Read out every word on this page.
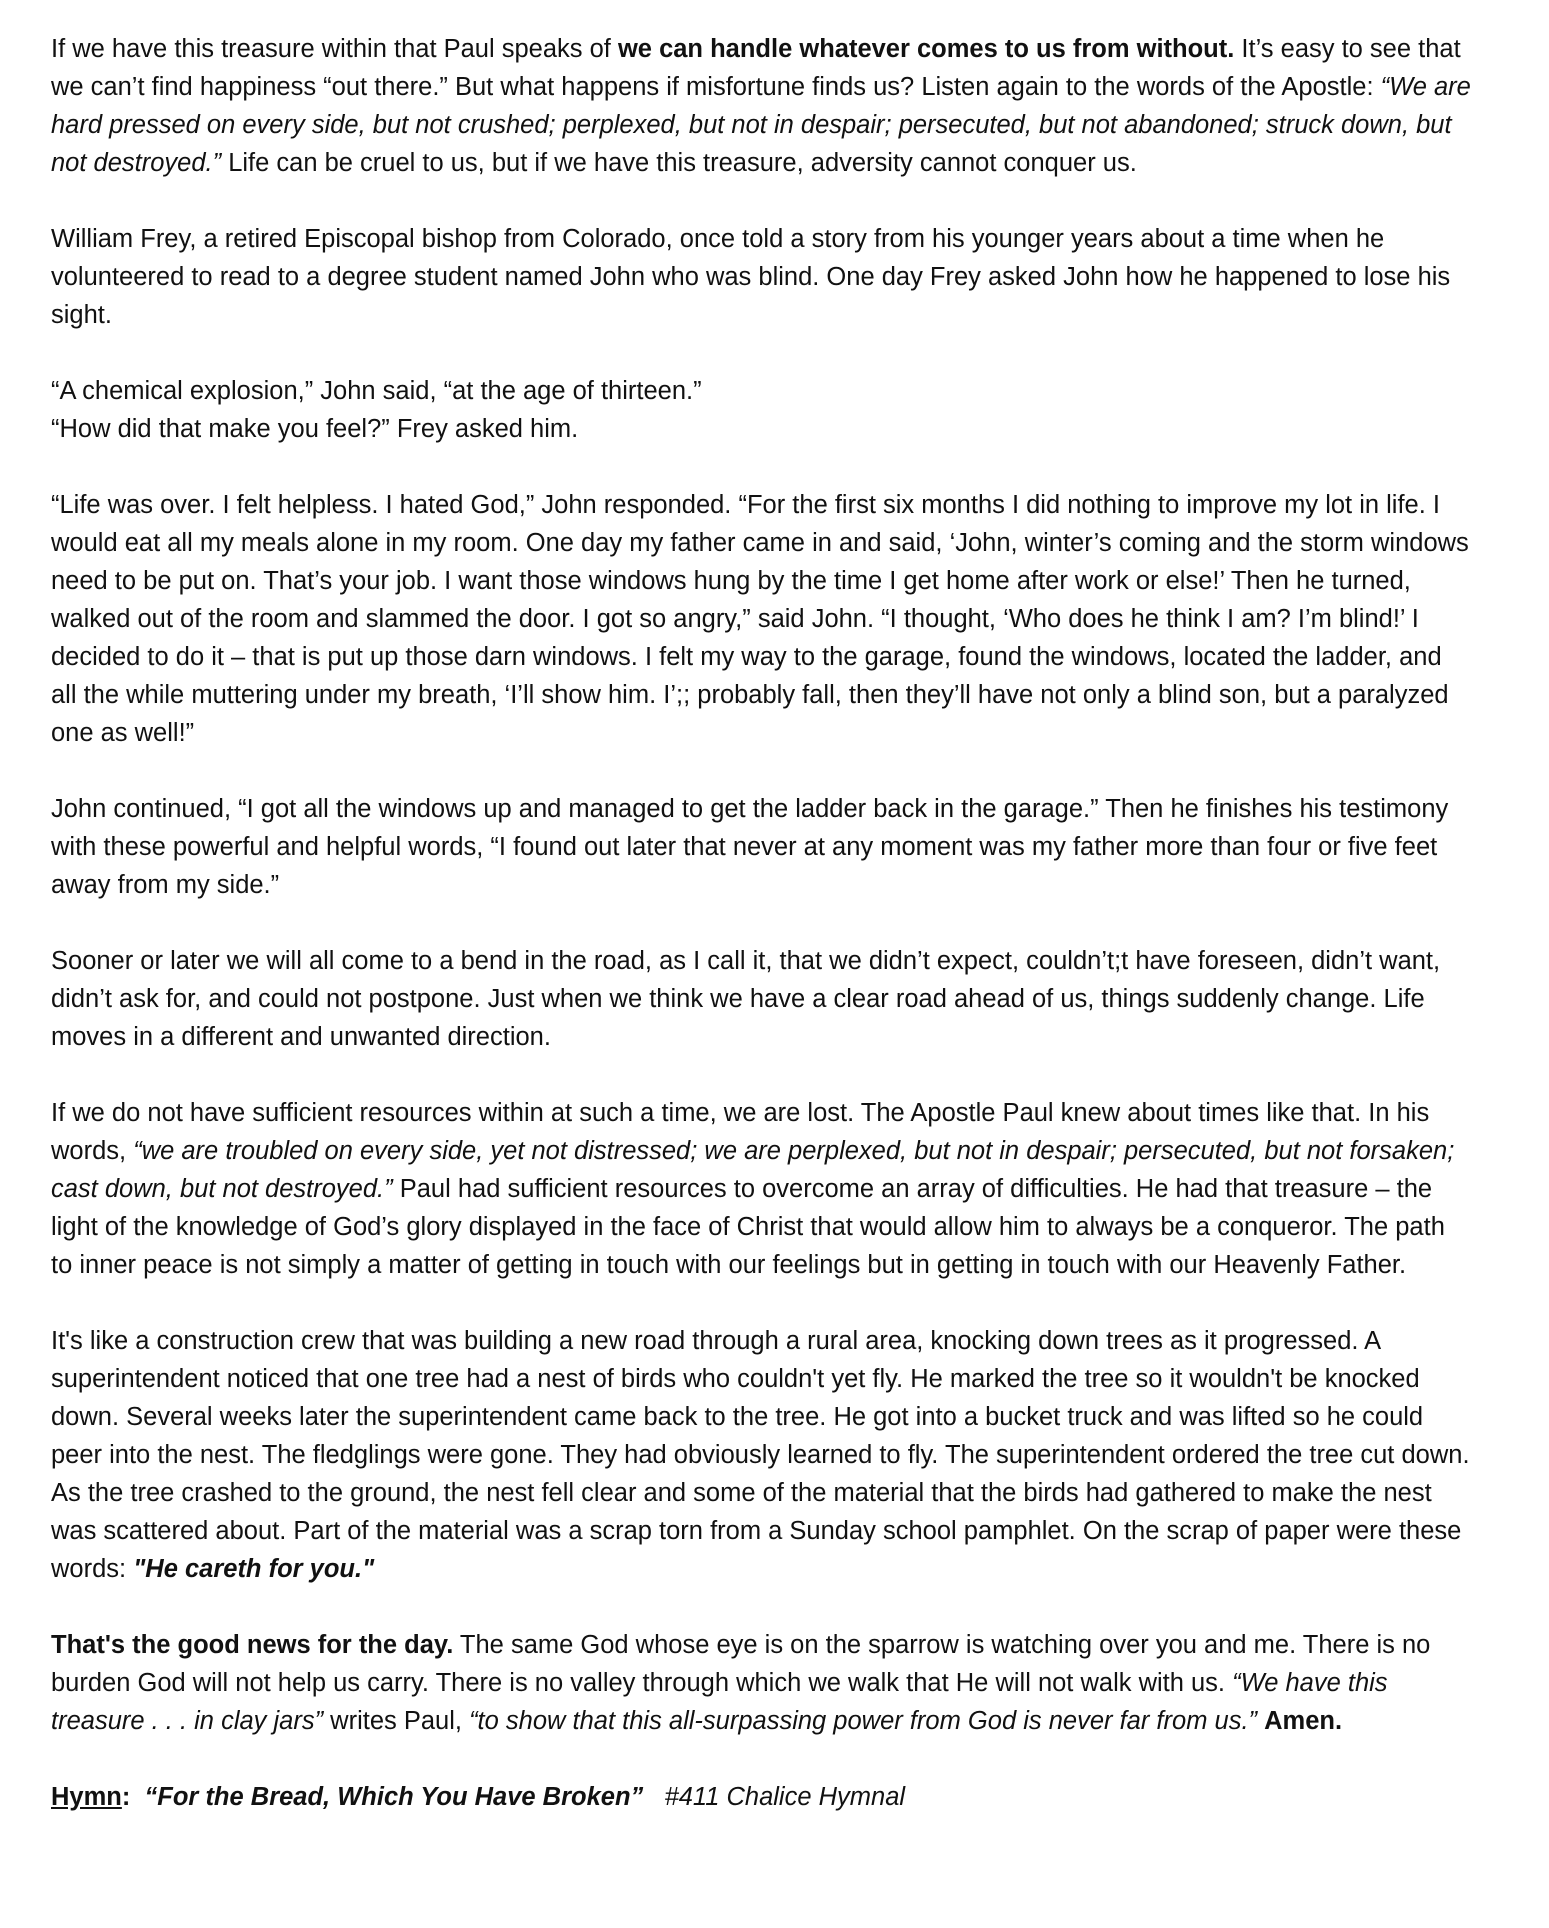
If we have this treasure within that Paul speaks of we can handle whatever comes to us from without. It’s easy to see that we can’t find happiness “out there.” But what happens if misfortune finds us? Listen again to the words of the Apostle: “We are hard pressed on every side, but not crushed; perplexed, but not in despair; persecuted, but not abandoned; struck down, but not destroyed.” Life can be cruel to us, but if we have this treasure, adversity cannot conquer us.

William Frey, a retired Episcopal bishop from Colorado, once told a story from his younger years about a time when he volunteered to read to a degree student named John who was blind. One day Frey asked John how he happened to lose his sight.

“A chemical explosion,” John said, “at the age of thirteen.”

“How did that make you feel?” Frey asked him.

“Life was over. I felt helpless. I hated God,” John responded. “For the first six months I did nothing to improve my lot in life. I would eat all my meals alone in my room. One day my father came in and said, ‘John, winter’s coming and the storm windows need to be put on. That’s your job. I want those windows hung by the time I get home after work or else!’ Then he turned, walked out of the room and slammed the door. I got so angry,” said John. “I thought, ‘Who does he think I am? I’m blind!’ I decided to do it – that is put up those darn windows. I felt my way to the garage, found the windows, located the ladder, and all the while muttering under my breath, ‘I’ll show him. I’;; probably fall, then they’ll have not only a blind son, but a paralyzed one as well!”

John continued, “I got all the windows up and managed to get the ladder back in the garage.” Then he finishes his testimony with these powerful and helpful words, “I found out later that never at any moment was my father more than four or five feet away from my side.”

Sooner or later we will all come to a bend in the road, as I call it, that we didn’t expect, couldn’t;t have foreseen, didn’t want, didn’t ask for, and could not postpone. Just when we think we have a clear road ahead of us, things suddenly change. Life moves in a different and unwanted direction.

If we do not have sufficient resources within at such a time, we are lost. The Apostle Paul knew about times like that. In his words, “we are troubled on every side, yet not distressed; we are perplexed, but not in despair; persecuted, but not forsaken; cast down, but not destroyed.” Paul had sufficient resources to overcome an array of difficulties. He had that treasure – the light of the knowledge of God’s glory displayed in the face of Christ that would allow him to always be a conqueror. The path to inner peace is not simply a matter of getting in touch with our feelings but in getting in touch with our Heavenly Father.

It's like a construction crew that was building a new road through a rural area, knocking down trees as it progressed. A superintendent noticed that one tree had a nest of birds who couldn't yet fly. He marked the tree so it wouldn't be knocked down. Several weeks later the superintendent came back to the tree. He got into a bucket truck and was lifted so he could peer into the nest. The fledglings were gone. They had obviously learned to fly. The superintendent ordered the tree cut down. As the tree crashed to the ground, the nest fell clear and some of the material that the birds had gathered to make the nest was scattered about. Part of the material was a scrap torn from a Sunday school pamphlet. On the scrap of paper were these words: "He careth for you."

That's the good news for the day. The same God whose eye is on the sparrow is watching over you and me. There is no burden God will not help us carry. There is no valley through which we walk that He will not walk with us. “We have this treasure . . . in clay jars” writes Paul, “to show that this all-surpassing power from God is never far from us.” Amen.

Hymn:  “For the Bread, Which You Have Broken” #411 Chalice Hymnal
